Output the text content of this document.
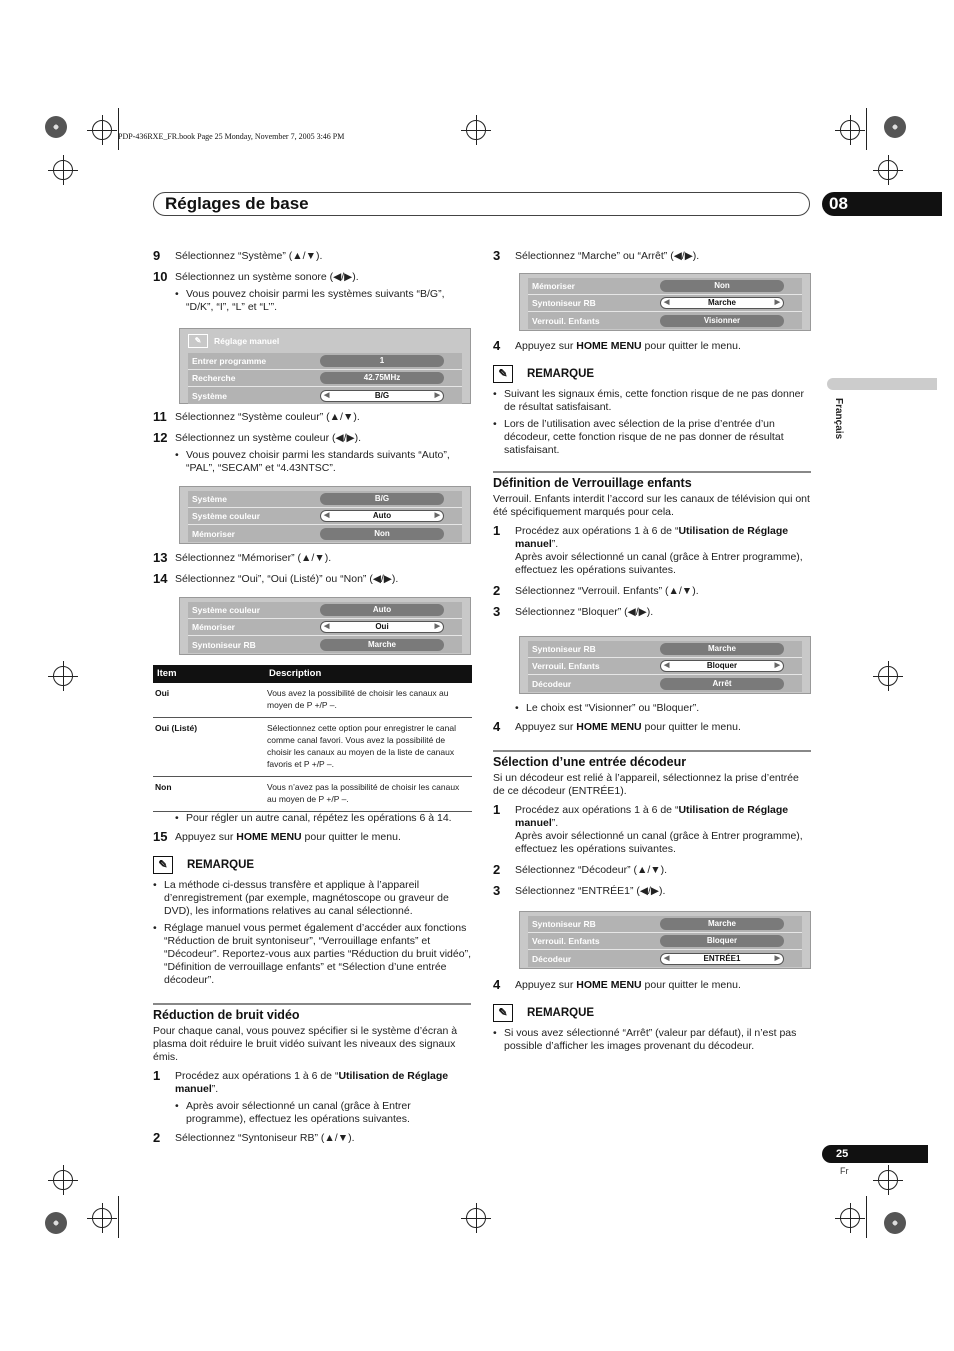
PDP-436RXE_FR.book Page 25 Monday, November 7, 2005 3:46 PM
Réglages de base	08
Français
9 Sélectionnez “Système” (▲/▼).
10 Sélectionnez un système sonore (◀/▶).
• Vous pouvez choisir parmi les systèmes suivants “B/G”, “D/K”, “I”, “L” et “L’”.
✎	Réglage manuel
Entrer programme	1
Recherche	42.75MHz
Système	◀ B/G ▶
11 Sélectionnez “Système couleur” (▲/▼).
12 Sélectionnez un système couleur (◀/▶).
• Vous pouvez choisir parmi les standards suivants “Auto”, “PAL”, “SECAM” et “4.43NTSC”.
Système	B/G
Système couleur	◀ Auto ▶
Mémoriser	Non
13 Sélectionnez “Mémoriser” (▲/▼).
14 Sélectionnez “Oui”, “Oui (Listé)” ou “Non” (◀/▶).
Système couleur	Auto
Mémoriser	◀ Oui ▶
Syntoniseur RB	Marche
Item	Description
Oui	Vous avez la possibilité de choisir les canaux au moyen de P +/P –.
Oui (Listé)	Sélectionnez cette option pour enregistrer le canal comme canal favori. Vous avez la possibilité de choisir les canaux au moyen de la liste de canaux favoris et P +/P –.
Non	Vous n’avez pas la possibilité de choisir les canaux au moyen de P +/P –.
• Pour régler un autre canal, répétez les opérations 6 à 14.
15 Appuyez sur HOME MENU pour quitter le menu.
✎	REMARQUE
• La méthode ci-dessus transfère et applique à l’appareil d’enregistrement (par exemple, magnétoscope ou graveur de DVD), les informations relatives au canal sélectionné.
• Réglage manuel vous permet également d’accéder aux fonctions “Réduction de bruit syntoniseur”, “Verrouillage enfants” et “Décodeur”. Reportez-vous aux parties “Réduction du bruit vidéo”, “Définition de verrouillage enfants” et “Sélection d’une entrée décodeur”.
Réduction de bruit vidéo
Pour chaque canal, vous pouvez spécifier si le système d’écran à plasma doit réduire le bruit vidéo suivant les niveaux des signaux émis.
1 Procédez aux opérations 1 à 6 de “Utilisation de Réglage manuel”.
• Après avoir sélectionné un canal (grâce à Entrer programme), effectuez les opérations suivantes.
2 Sélectionnez “Syntoniseur RB” (▲/▼).
3 Sélectionnez “Marche” ou “Arrêt” (◀/▶).
Mémoriser	Non
Syntoniseur RB	◀ Marche ▶
Verrouil. Enfants	Visionner
4 Appuyez sur HOME MENU pour quitter le menu.
✎	REMARQUE
• Suivant les signaux émis, cette fonction risque de ne pas donner de résultat satisfaisant.
• Lors de l’utilisation avec sélection de la prise d’entrée d’un décodeur, cette fonction risque de ne pas donner de résultat satisfaisant.
Définition de Verrouillage enfants
Verrouil. Enfants interdit l’accord sur les canaux de télévision qui ont été spécifiquement marqués pour cela.
1 Procédez aux opérations 1 à 6 de “Utilisation de Réglage manuel”.
Après avoir sélectionné un canal (grâce à Entrer programme), effectuez les opérations suivantes.
2 Sélectionnez “Verrouil. Enfants” (▲/▼).
3 Sélectionnez “Bloquer” (◀/▶).
Syntoniseur RB	Marche
Verrouil. Enfants	◀ Bloquer ▶
Décodeur	Arrêt
• Le choix est “Visionner” ou “Bloquer”.
4 Appuyez sur HOME MENU pour quitter le menu.
Sélection d’une entrée décodeur
Si un décodeur est relié à l’appareil, sélectionnez la prise d’entrée de ce décodeur (ENTRÉE1).
1 Procédez aux opérations 1 à 6 de “Utilisation de Réglage manuel”.
Après avoir sélectionné un canal (grâce à Entrer programme), effectuez les opérations suivantes.
2 Sélectionnez “Décodeur” (▲/▼).
3 Sélectionnez “ENTRÉE1” (◀/▶).
Syntoniseur RB	Marche
Verrouil. Enfants	Bloquer
Décodeur	◀ ENTRÉE1 ▶
4 Appuyez sur HOME MENU pour quitter le menu.
✎	REMARQUE
• Si vous avez sélectionné “Arrêt” (valeur par défaut), il n’est pas possible d’afficher les images provenant du décodeur.
25
Fr
